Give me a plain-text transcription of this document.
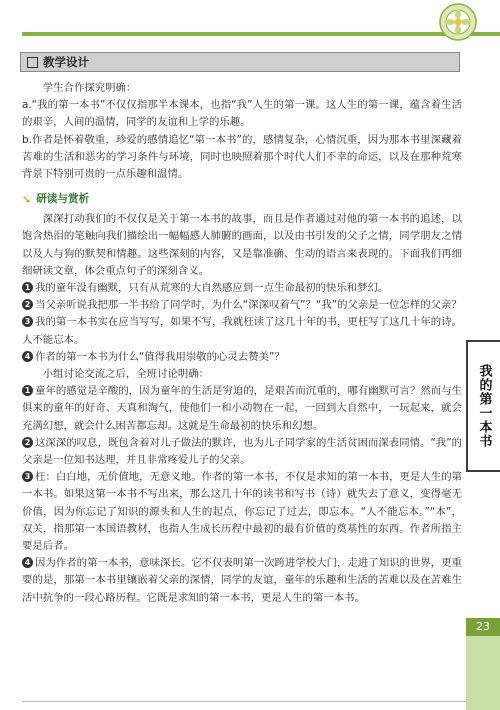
教学设计

学生合作探究明确：

a.“我的第一本书”不仅仅指那半本课本，也指“我”人生的第一课。这人生的第一课，蕴含着生活的艰辛，人间的温情，同学的友谊和上学的乐趣。

b.作者是怀着敬重，珍爱的感情追忆“第一本书”的，感情复杂，心情沉重，因为那本书里深藏着苦难的生活和恶劣的学习条件与环境，同时也映照着那个时代人们不幸的命运，以及在那种荒寒背景下特别可贵的一点乐趣和温情。

➘ 研读与赏析

深深打动我们的不仅仅是关于第一本书的故事，而且是作者通过对他的第一本书的追述，以饱含热泪的笔触向我们描绘出一幅幅感人肺腑的画面，以及由书引发的父子之情，同学朋友之情以及人与狗的默契和情趣。这些深刻的内容，又是靠准确、生动的语言来表现的。下面我们再细细研读文章，体会重点句子的深刻含义。

1 我的童年没有幽默，只有从荒寒的大自然感应到一点生命最初的快乐和梦幻。

2 当父亲听说我把那一半书给了同学时，为什么“深深叹着气”？“我”的父亲是一位怎样的父亲？

3 我的第一本书实在应当写写，如果不写，我就枉读了这几十年的书，更枉写了这几十年的诗。人不能忘本。

4 作者的第一本书为什么“值得我用崇敬的心灵去赞美”？

小组讨论交流之后，全班讨论明确：

1 童年的感觉是辛酸的，因为童年的生活是穷迫的，是艰苦而沉重的，哪有幽默可言？然而与生俱来的童年的好奇、天真和淘气，使他们一和小动物在一起，一回到大自然中，一玩起来，就会充满幻想，就会什么困苦都忘却。这就是生命最初的快乐和幻想。

2 这深深的叹息，既包含着对儿子做法的默许，也为儿子同学家的生活贫困而深表同情。“我”的父亲是一位知书达理，并且非常疼爱儿子的父亲。

3 枉：白白地，无价值地，无意义地。作者的第一本书，不仅是求知的第一本书，更是人生的第一本书。如果这第一本书不写出来，那么这几十年的读书和写书（诗）就失去了意义，变得毫无价值，因为你忘记了知识的源头和人生的起点，你忘记了过去，即忘本。“人不能忘本。”“本”，双关，指那第一本国语教材，也指人生成长历程中最初的最有价值的奠基性的东西。作者所指主要是后者。

4 因为作者的第一本书，意味深长。它不仅表明第一次跨进学校大门，走进了知识的世界，更重要的是，那第一本书里镶嵌着父亲的深情，同学的友谊，童年的乐趣和生活的苦难以及在苦难生活中抗争的一段心路历程。它既是求知的第一本书，更是人生的第一本书。

我的第一本书
23
